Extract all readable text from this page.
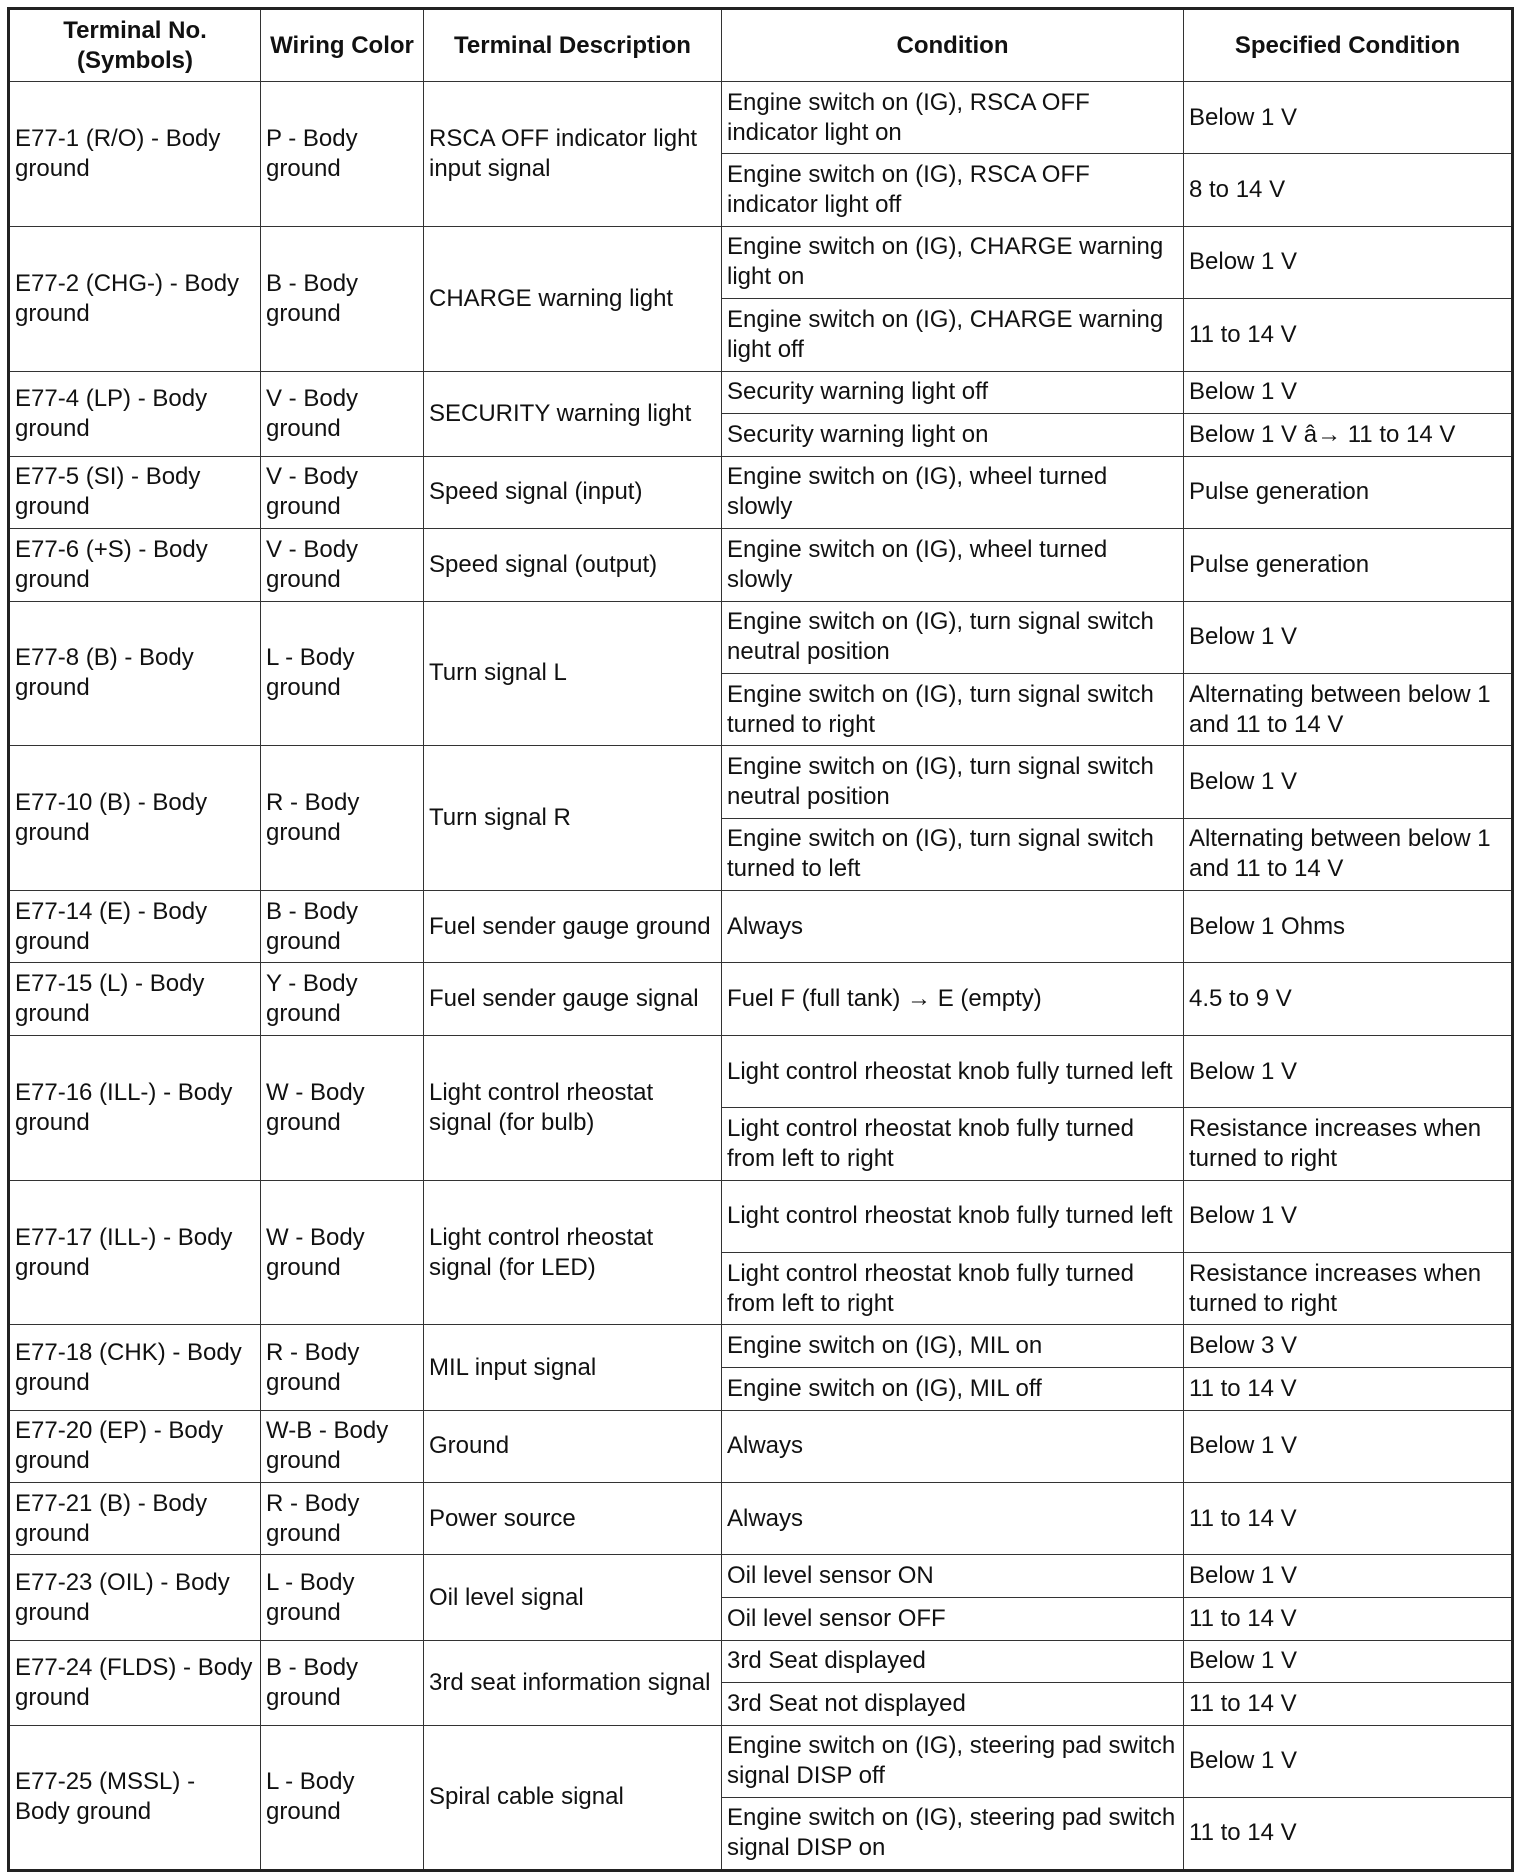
Terminal No. (Symbols)	Wiring Color	Terminal Description	Condition	Specified Condition
E77-1 (R/O) - Body ground	P - Body ground	RSCA OFF indicator light input signal	Engine switch on (IG), RSCA OFF indicator light on	Below 1 V
			Engine switch on (IG), RSCA OFF indicator light off	8 to 14 V
E77-2 (CHG-) - Body ground	B - Body ground	CHARGE warning light	Engine switch on (IG), CHARGE warning light on	Below 1 V
			Engine switch on (IG), CHARGE warning light off	11 to 14 V
E77-4 (LP) - Body ground	V - Body ground	SECURITY warning light	Security warning light off	Below 1 V
			Security warning light on	Below 1 V â→ 11 to 14 V
E77-5 (SI) - Body ground	V - Body ground	Speed signal (input)	Engine switch on (IG), wheel turned slowly	Pulse generation
E77-6 (+S) - Body ground	V - Body ground	Speed signal (output)	Engine switch on (IG), wheel turned slowly	Pulse generation
E77-8 (B) - Body ground	L - Body ground	Turn signal L	Engine switch on (IG), turn signal switch neutral position	Below 1 V
			Engine switch on (IG), turn signal switch turned to right	Alternating between below 1 and 11 to 14 V
E77-10 (B) - Body ground	R - Body ground	Turn signal R	Engine switch on (IG), turn signal switch neutral position	Below 1 V
			Engine switch on (IG), turn signal switch turned to left	Alternating between below 1 and 11 to 14 V
E77-14 (E) - Body ground	B - Body ground	Fuel sender gauge ground	Always	Below 1 Ohms
E77-15 (L) - Body ground	Y - Body ground	Fuel sender gauge signal	Fuel F (full tank) → E (empty)	4.5 to 9 V
E77-16 (ILL-) - Body ground	W - Body ground	Light control rheostat signal (for bulb)	Light control rheostat knob fully turned left	Below 1 V
			Light control rheostat knob fully turned from left to right	Resistance increases when turned to right
E77-17 (ILL-) - Body ground	W - Body ground	Light control rheostat signal (for LED)	Light control rheostat knob fully turned left	Below 1 V
			Light control rheostat knob fully turned from left to right	Resistance increases when turned to right
E77-18 (CHK) - Body ground	R - Body ground	MIL input signal	Engine switch on (IG), MIL on	Below 3 V
			Engine switch on (IG), MIL off	11 to 14 V
E77-20 (EP) - Body ground	W-B - Body ground	Ground	Always	Below 1 V
E77-21 (B) - Body ground	R - Body ground	Power source	Always	11 to 14 V
E77-23 (OIL) - Body ground	L - Body ground	Oil level signal	Oil level sensor ON	Below 1 V
			Oil level sensor OFF	11 to 14 V
E77-24 (FLDS) - Body ground	B - Body ground	3rd seat information signal	3rd Seat displayed	Below 1 V
			3rd Seat not displayed	11 to 14 V
E77-25 (MSSL) - Body ground	L - Body ground	Spiral cable signal	Engine switch on (IG), steering pad switch signal DISP off	Below 1 V
			Engine switch on (IG), steering pad switch signal DISP on	11 to 14 V
